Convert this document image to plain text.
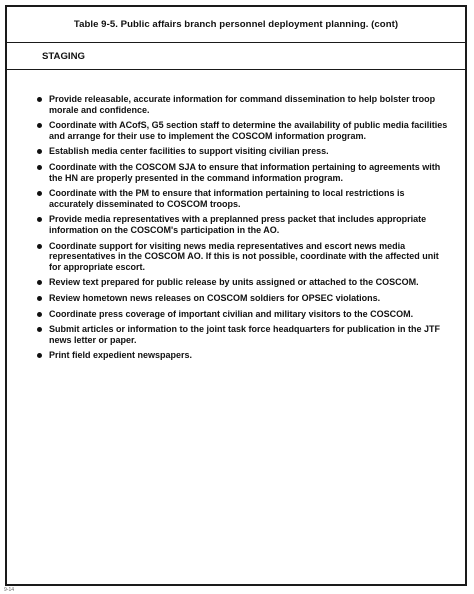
Table 9-5. Public affairs branch personnel deployment planning. (cont)
STAGING
Provide releasable, accurate information for command dissemination to help bolster troop morale and confidence.
Coordinate with ACofS, G5 section staff to determine the availability of public media facilities and arrange for their use to implement the COSCOM information program.
Establish media center facilities to support visiting civilian press.
Coordinate with the COSCOM SJA to ensure that information pertaining to agreements with the HN are properly presented in the command information program.
Coordinate with the PM to ensure that information pertaining to local restrictions is accurately disseminated to COSCOM troops.
Provide media representatives with a preplanned press packet that includes appropriate information on the COSCOM's participation in the AO.
Coordinate support for visiting news media representatives and escort news media representatives in the COSCOM AO. If this is not possible, coordinate with the affected unit for appropriate escort.
Review text prepared for public release by units assigned or attached to the COSCOM.
Review hometown news releases on COSCOM soldiers for OPSEC violations.
Coordinate press coverage of important civilian and military visitors to the COSCOM.
Submit articles or information to the joint task force headquarters for publication in the JTF news letter or paper.
Print field expedient newspapers.
9-14
